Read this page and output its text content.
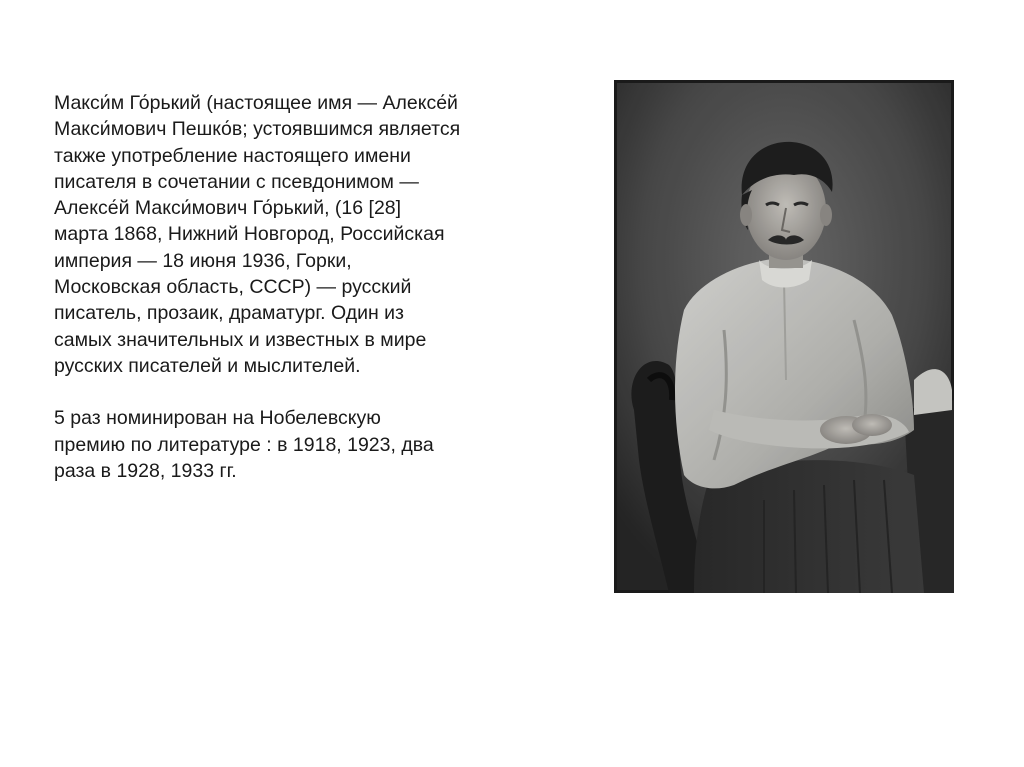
Макси́м Го́рький (настоящее имя — Алексе́й
Макси́мович Пешко́в; устоявшимся является
также употребление настоящего имени
писателя в сочетании с псевдонимом —
Алексе́й Макси́мович Го́рький, (16 [28]
марта 1868, Нижний Новгород, Российская
империя — 18 июня 1936, Горки,
Московская область, СССР) — русский
писатель, прозаик, драматург. Один из
самых значительных и известных в мире
русских писателей и мыслителей.
5 раз номинирован на Нобелевскую
премию по литературе : в 1918, 1923, два
раза в 1928, 1933 гг.
